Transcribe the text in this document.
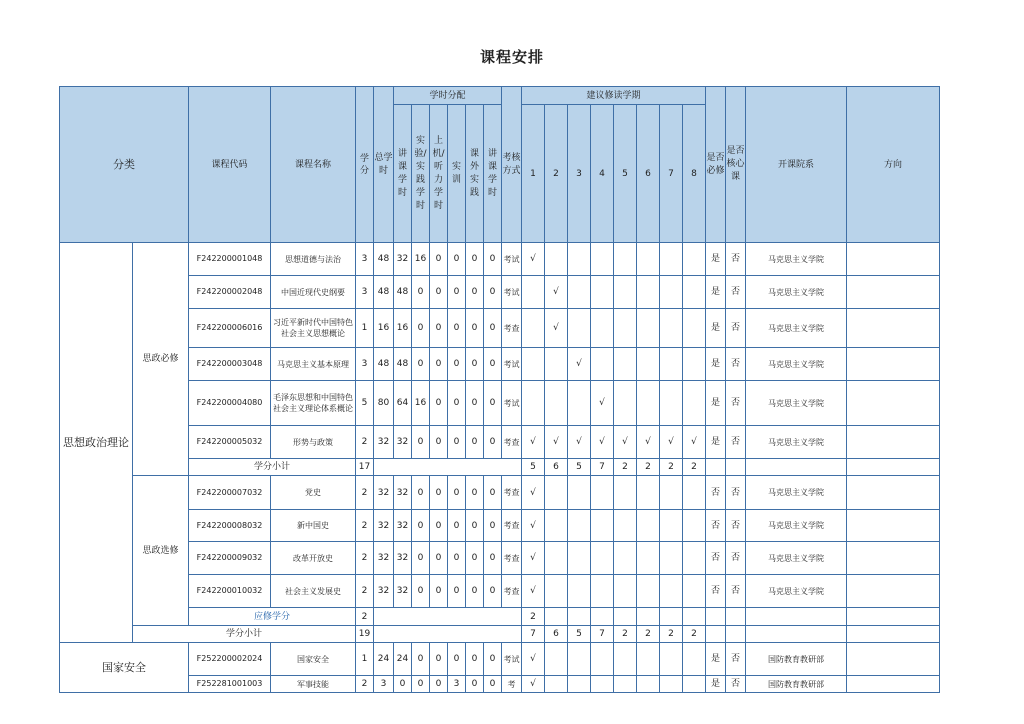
课程安排
分类		课程代码	课程名称	学分	总学时	学时分配						考核方式	建议修读学期								是否必修	是否核心课	开课院系	方向

						讲课学时	实验/实践学时	上机/听力学时	实训	课外实践	讲课学时		1	2	3	4	5	6	7	8				
思想政治理论	思政必修	F242200001048	思想道德与法治	3	48	32	16	0	0	0	0	考试	√								是	否	马克思主义学院	
		F242200002048	中国近现代史纲要	3	48	48	0	0	0	0	0	考试		√							是	否	马克思主义学院	
		F242200006016	习近平新时代中国特色社会主义思想概论	1	16	16	0	0	0	0	0	考查		√							是	否	马克思主义学院	
		F242200003048	马克思主义基本原理	3	48	48	0	0	0	0	0	考试			√						是	否	马克思主义学院	
		F242200004080	毛泽东思想和中国特色社会主义理论体系概论	5	80	64	16	0	0	0	0	考试				√					是	否	马克思主义学院	
		F242200005032	形势与政策	2	32	32	0	0	0	0	0	考查	√	√	√	√	√	√	√	√	是	否	马克思主义学院	
		学分小计		17									5	6	5	7	2	2	2	2				
	思政选修	F242200007032	党史	2	32	32	0	0	0	0	0	考查	√								否	否	马克思主义学院	
		F242200008032	新中国史	2	32	32	0	0	0	0	0	考查	√								否	否	马克思主义学院	
		F242200009032	改革开放史	2	32	32	0	0	0	0	0	考查	√								否	否	马克思主义学院	
		F242200010032	社会主义发展史	2	32	32	0	0	0	0	0	考查	√								否	否	马克思主义学院	
		应修学分		2									2											
	学分小计			19									7	6	5	7	2	2	2	2				
国家安全		F252200002024	国家安全	1	24	24	0	0	0	0	0	考试	√								是	否	国防教育教研部	
		F252281001003	军事技能	2	3	0	0	0	3	0	0	考	√								是	否	国防教育教研部	
